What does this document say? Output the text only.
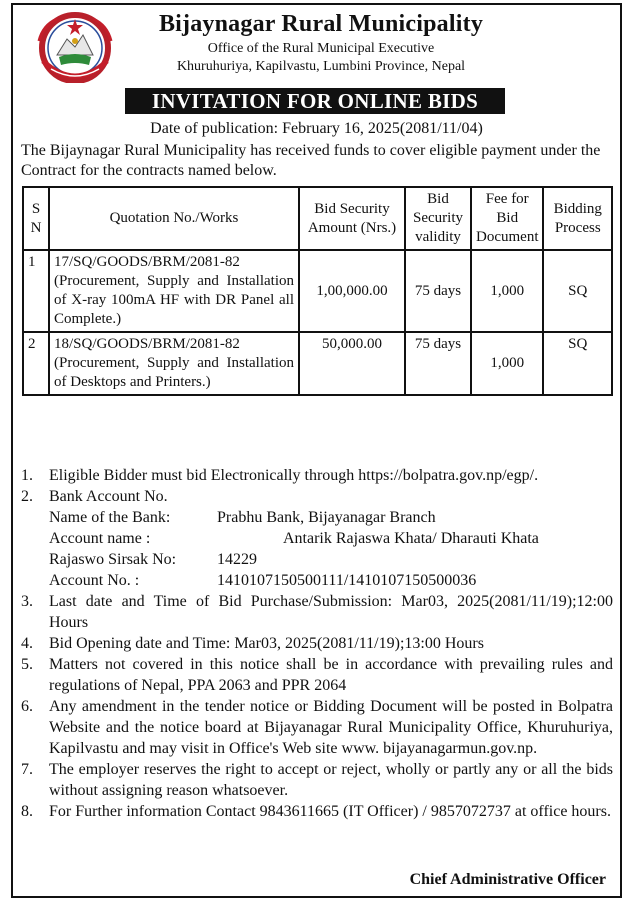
Bijaynagar Rural Municipality
Office of the Rural Municipal Executive
Khuruhuriya, Kapilvastu, Lumbini Province, Nepal
INVITATION FOR ONLINE BIDS
Date of publication: February 16, 2025(2081/11/04)
The Bijaynagar Rural Municipality has received funds to cover eligible payment under the Contract for the contracts named below.
S N	Quotation No./Works	Bid Security Amount (Nrs.)	Bid Security validity	Fee for Bid Document	Bidding Process
1	17/SQ/GOODS/BRM/2081-82 (Procurement, Supply and Installation of X-ray 100mA HF with DR Panel all Complete.)	1,00,000.00	75 days	1,000	SQ
2	18/SQ/GOODS/BRM/2081-82 (Procurement, Supply and Installation of Desktops and Printers.)	50,000.00	75 days	1,000	SQ

1. Eligible Bidder must bid Electronically through https://bolpatra.gov.np/egp/.

2. Bank Account No.

Name of the Bank:	Prabhu Bank, Bijayanagar Branch
Account name :	Antarik Rajaswa Khata/ Dharauti Khata
Rajaswo Sirsak No:	14229
Account No. :	1410107150500111/1410107150500036

3. Last date and Time of Bid Purchase/Submission: Mar03, 2025(2081/11/19);12:00 Hours

4. Bid Opening date and Time: Mar03, 2025(2081/11/19);13:00 Hours

5. Matters not covered in this notice shall be in accordance with prevailing rules and regulations of Nepal, PPA 2063 and PPR 2064

6. Any amendment in the tender notice or Bidding Document will be posted in Bolpatra Website and the notice board at Bijayanagar Rural Municipality Office, Khuruhuriya, Kapilvastu and may visit in Office's Web site www. bijayanagarmun.gov.np.

7. The employer reserves the right to accept or reject, wholly or partly any or all the bids without assigning reason whatsoever.

8. For Further information Contact 9843611665 (IT Officer) / 9857072737 at office hours.

Chief Administrative Officer
